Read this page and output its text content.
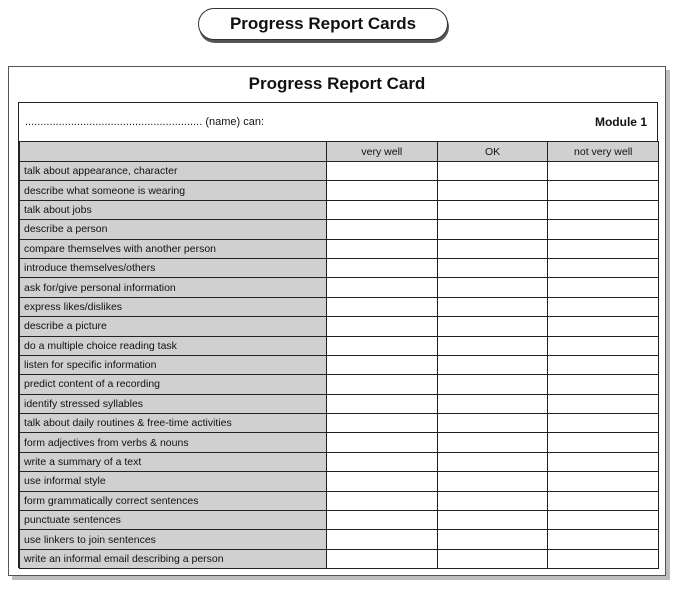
Progress Report Cards
Progress Report Card
.......................................................... (name) can:	Module 1
	very well	OK	not very well
talk about appearance, character			
describe what someone is wearing			
talk about jobs			
describe a person			
compare themselves with another person			
introduce themselves/others			
ask for/give personal information			
express likes/dislikes			
describe a picture			
do a multiple choice reading task			
listen for specific information			
predict content of a recording			
identify stressed syllables			
talk about daily routines & free-time activities			
form adjectives from verbs & nouns			
write a summary of a text			
use informal style			
form grammatically correct sentences			
punctuate sentences			
use linkers to join sentences			
write an informal email describing a person			
